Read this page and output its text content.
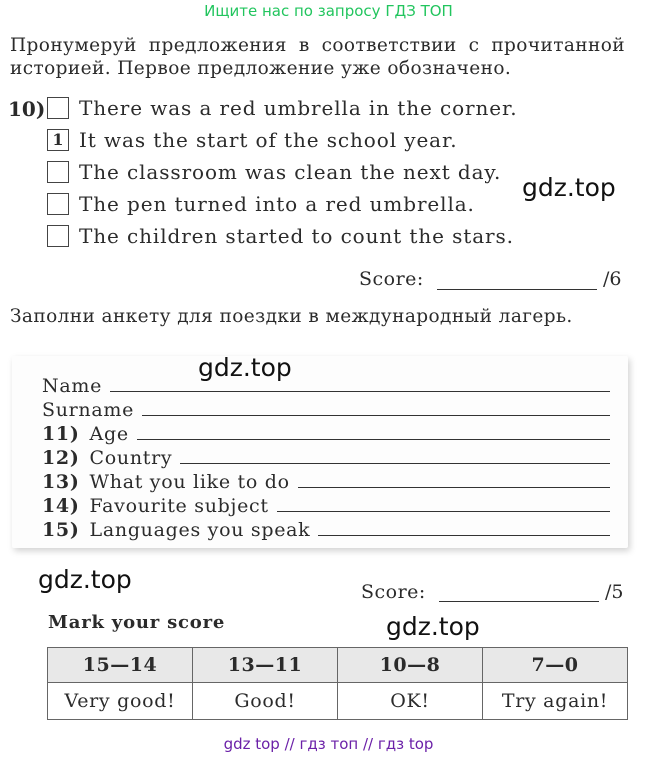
Ищите нас по запросу ГДЗ ТОП
Пронумеруй предложения в соответствии с прочитанной историей. Первое предложение уже обозначено.
10) There was a red umbrella in the corner.
1 It was the start of the school year.
The classroom was clean the next day.
The pen turned into a red umbrella.
The children started to count the stars.
Score:	/6
gdz.top
Заполни анкету для поездки в международный лагерь.
Name
Surname
11) Age
12) Country
13) What you like to do
14) Favourite subject
15) Languages you speak
gdz.top
gdz.top	Score:	/5
Mark your score	gdz.top
15—14	13—11	10—8	7—0
Very good!	Good!	OK!	Try again!
gdz top // гдз топ // гдз top
